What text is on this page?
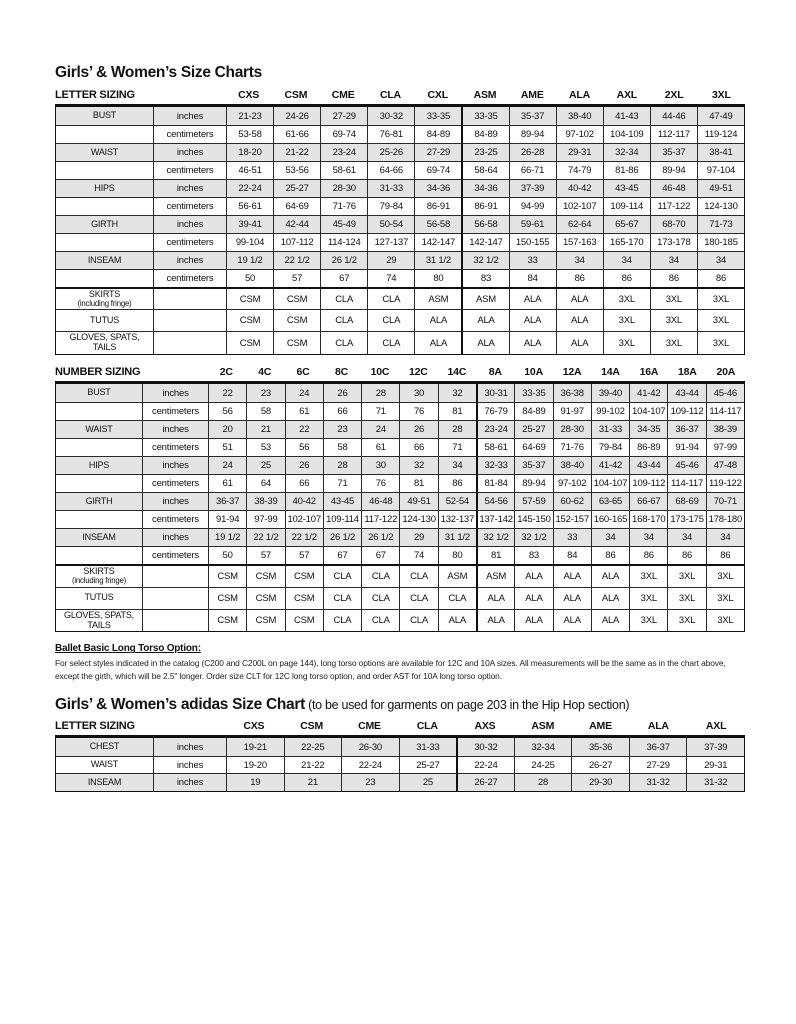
Girls’ & Women’s Size Charts
LETTER SIZING	CXS	CSM	CME	CLA	CXL	ASM	AME	ALA	AXL	2XL	3XL
BUST	inches	21-23	24-26	27-29	30-32	33-35	33-35	35-37	38-40	41-43	44-46	47-49
centimeters	53-58	61-66	69-74	76-81	84-89	84-89	89-94	97-102	104-109	112-117	119-124
WAIST	inches	18-20	21-22	23-24	25-26	27-29	23-25	26-28	29-31	32-34	35-37	38-41
centimeters	46-51	53-56	58-61	64-66	69-74	58-64	66-71	74-79	81-86	89-94	97-104
HIPS	inches	22-24	25-27	28-30	31-33	34-36	34-36	37-39	40-42	43-45	46-48	49-51
centimeters	56-61	64-69	71-76	79-84	86-91	86-91	94-99	102-107	109-114	117-122	124-130
GIRTH	inches	39-41	42-44	45-49	50-54	56-58	56-58	59-61	62-64	65-67	68-70	71-73
centimeters	99-104	107-112	114-124	127-137	142-147	142-147	150-155	157-163	165-170	173-178	180-185
INSEAM	inches	19 1/2	22 1/2	26 1/2	29	31 1/2	32 1/2	33	34	34	34	34
centimeters	50	57	67	74	80	83	84	86	86	86	86
SKIRTS
(including fringe)	CSM	CSM	CLA	CLA	ASM	ASM	ALA	ALA	3XL	3XL	3XL
TUTUS	CSM	CSM	CLA	CLA	ALA	ALA	ALA	ALA	3XL	3XL	3XL
GLOVES, SPATS,
TAILS	CSM	CSM	CLA	CLA	ALA	ALA	ALA	ALA	3XL	3XL	3XL
NUMBER SIZING	2C	4C	6C	8C	10C	12C	14C	8A	10A	12A	14A	16A	18A	20A
BUST	inches	22	23	24	26	28	30	32	30-31	33-35	36-38	39-40	41-42	43-44	45-46
centimeters	56	58	61	66	71	76	81	76-79	84-89	91-97	99-102 104-107 109-112 114-117
WAIST	inches	20	21	22	23	24	26	28	23-24	25-27	28-30	31-33	34-35	36-37	38-39
centimeters	51	53	56	58	61	66	71	58-61	64-69	71-76	79-84	86-89	91-94	97-99
HIPS	inches	24	25	26	28	30	32	34	32-33	35-37	38-40	41-42	43-44	45-46	47-48
centimeters	61	64	66	71	76	81	86	81-84	89-94	97-102 104-107 109-112 114-117 119-122
GIRTH	inches	36-37	38-39	40-42	43-45	46-48	49-51	52-54	54-56	57-59	60-62	63-65	66-67	68-69	70-71
centimeters	91-94	97-99	102-107 109-114 117-122 124-130 132-137 137-142 145-150 152-157 160-165 168-170 173-175 178-180
INSEAM	inches	19 1/2	22 1/2	22 1/2	26 1/2	26 1/2	29	31 1/2	32 1/2	32 1/2	33	34	34	34	34
centimeters	50	57	57	67	67	74	80	81	83	84	86	86	86	86
SKIRTS
(including fringe)	CSM	CSM	CSM	CLA	CLA	CLA	ASM	ASM	ALA	ALA	ALA	3XL	3XL	3XL
TUTUS	CSM	CSM	CSM	CLA	CLA	CLA	CLA	ALA	ALA	ALA	ALA	3XL	3XL	3XL
GLOVES, SPATS,
TAILS	CSM	CSM	CSM	CLA	CLA	CLA	ALA	ALA	ALA	ALA	ALA	3XL	3XL	3XL
Ballet Basic Long Torso Option:
For select styles indicated in the catalog (C200 and C200L on page 144), long torso options are available for 12C and 10A sizes. All measurements will be the same as in the chart above,
except the girth, which will be 2.5" longer. Order size CLT for 12C long torso option, and order AST for 10A long torso option.
Girls’ & Women’s adidas Size Chart (to be used for garments on page 203 in the Hip Hop section)
LETTER SIZING	CXS	CSM	CME	CLA	AXS	ASM	AME	ALA	AXL
CHEST	inches	19-21	22-25	26-30	31-33	30-32	32-34	35-36	36-37	37-39
WAIST	inches	19-20	21-22	22-24	25-27	22-24	24-25	26-27	27-29	29-31
INSEAM	inches	19	21	23	25	26-27	28	29-30	31-32	31-32
